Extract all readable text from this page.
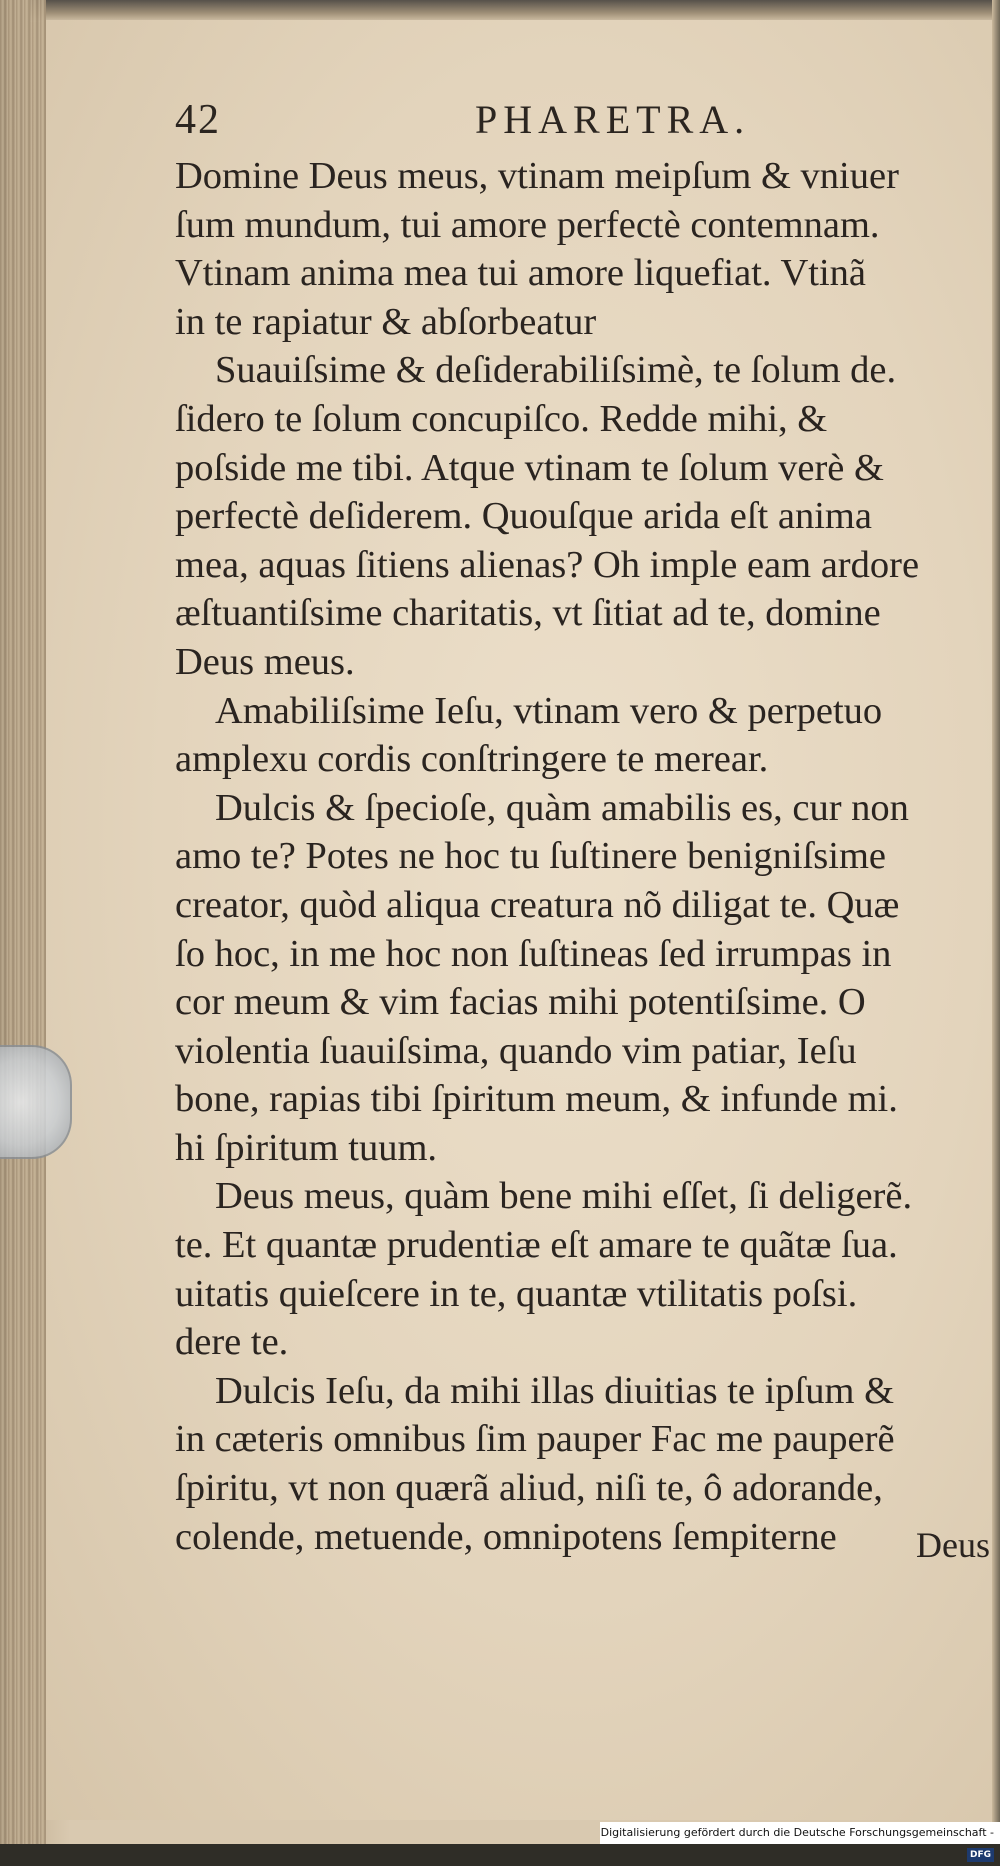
42	PHARETRA.
Domine Deus meus, vtinam meipſum & vniuer
ſum mundum, tui amore perfectè contemnam.
Vtinam anima mea tui amore liquefiat. Vtinã
in te rapiatur & abſorbeatur
Suauiſsime & deſiderabiliſsimè, te ſolum de.
ſidero te ſolum concupiſco. Redde mihi, &
poſside me tibi. Atque vtinam te ſolum verè &
perfectè deſiderem. Quouſque arida eſt anima
mea, aquas ſitiens alienas? Oh imple eam ardore
æſtuantiſsime charitatis, vt ſitiat ad te, domine
Deus meus.
Amabiliſsime Ieſu, vtinam vero & perpetuo
amplexu cordis conſtringere te merear.
Dulcis & ſpecioſe, quàm amabilis es, cur non
amo te? Potes ne hoc tu ſuſtinere benigniſsime
creator, quòd aliqua creatura nõ diligat te. Quæ
ſo hoc, in me hoc non ſuſtineas ſed irrumpas in
cor meum & vim facias mihi potentiſsime. O
violentia ſuauiſsima, quando vim patiar, Ieſu
bone, rapias tibi ſpiritum meum, & infunde mi.
hi ſpiritum tuum.
Deus meus, quàm bene mihi eſſet, ſi deligerẽ.
te. Et quantæ prudentiæ eſt amare te quãtæ ſua.
uitatis quieſcere in te, quantæ vtilitatis poſsi.
dere te.
Dulcis Ieſu, da mihi illas diuitias te ipſum &
in cæteris omnibus ſim pauper Fac me pauperẽ
ſpiritu, vt non quærã aliud, niſi te, ô adorande,
colende, metuende, omnipotens ſempiterne	Deus
Digitalisierung gefördert durch die Deutsche Forschungsgemeinschaft -DFG
